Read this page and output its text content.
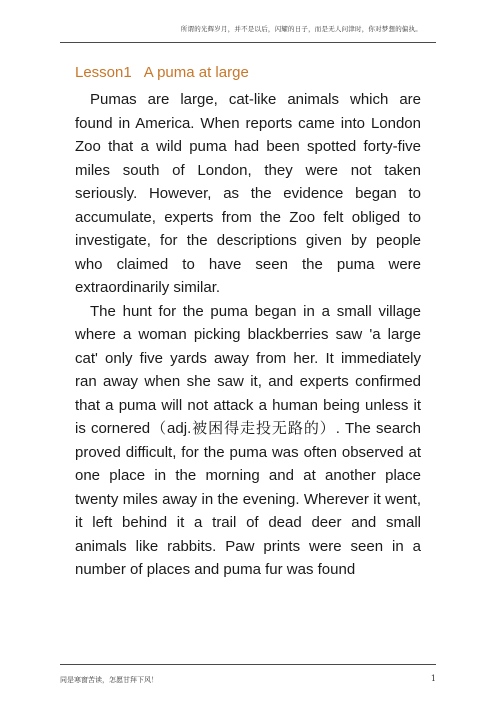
所谓的光辉岁月，并不是以后，闪耀的日子，而是无人问津时，你对梦想的偏执。
Lesson1 A puma at large

Pumas are large, cat-like animals which are found in America. When reports came into London Zoo that a wild puma had been spotted forty-five miles south of London, they were not taken seriously. However, as the evidence began to accumulate, experts from the Zoo felt obliged to investigate, for the descriptions given by people who claimed to have seen the puma were extraordinarily similar.

The hunt for the puma began in a small village where a woman picking blackberries saw 'a large cat' only five yards away from her. It immediately ran away when she saw it, and experts confirmed that a puma will not attack a human being unless it is cornered（adj.被困得走投无路的）. The search proved difficult, for the puma was often observed at one place in the morning and at another place twenty miles away in the evening. Wherever it went, it left behind it a trail of dead deer and small animals like rabbits. Paw prints were seen in a number of places and puma fur was found

同是寒窗苦读，怎愿甘拜下风！	1
